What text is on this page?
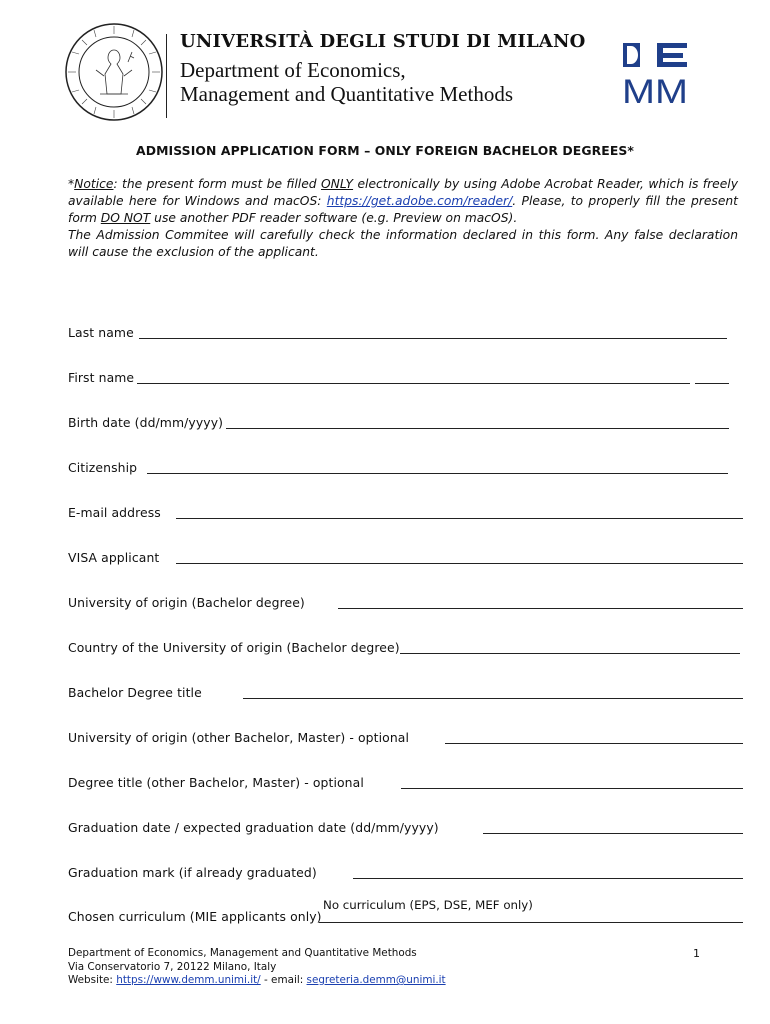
UNIVERSITÀ DEGLI STUDI DI MILANO
Department of Economics,
Management and Quantitative Methods	MM
ADMISSION APPLICATION FORM – ONLY FOREIGN BACHELOR DEGREES*
*Notice: the present form must be filled ONLY electronically by using Adobe Acrobat Reader, which is freely available here for Windows and macOS: https://get.adobe.com/reader/. Please, to properly fill the present form DO NOT use another PDF reader software (e.g. Preview on macOS).
The Admission Commitee will carefully check the information declared in this form. Any false declaration will cause the exclusion of the applicant.
Last name
First name
Birth date (dd/mm/yyyy)
Citizenship
E-mail address
VISA applicant
University of origin (Bachelor degree)
Country of the University of origin (Bachelor degree)
Bachelor Degree title
University of origin (other Bachelor, Master) - optional
Degree title (other Bachelor, Master) - optional
Graduation date / expected graduation date (dd/mm/yyyy)
Graduation mark (if already graduated)
Chosen curriculum (MIE applicants only)
No curriculum (EPS, DSE, MEF only)
Department of Economics, Management and Quantitative Methods
Via Conservatorio 7, 20122 Milano, Italy
Website: https://www.demm.unimi.it/ - email: segreteria.demm@unimi.it
1
